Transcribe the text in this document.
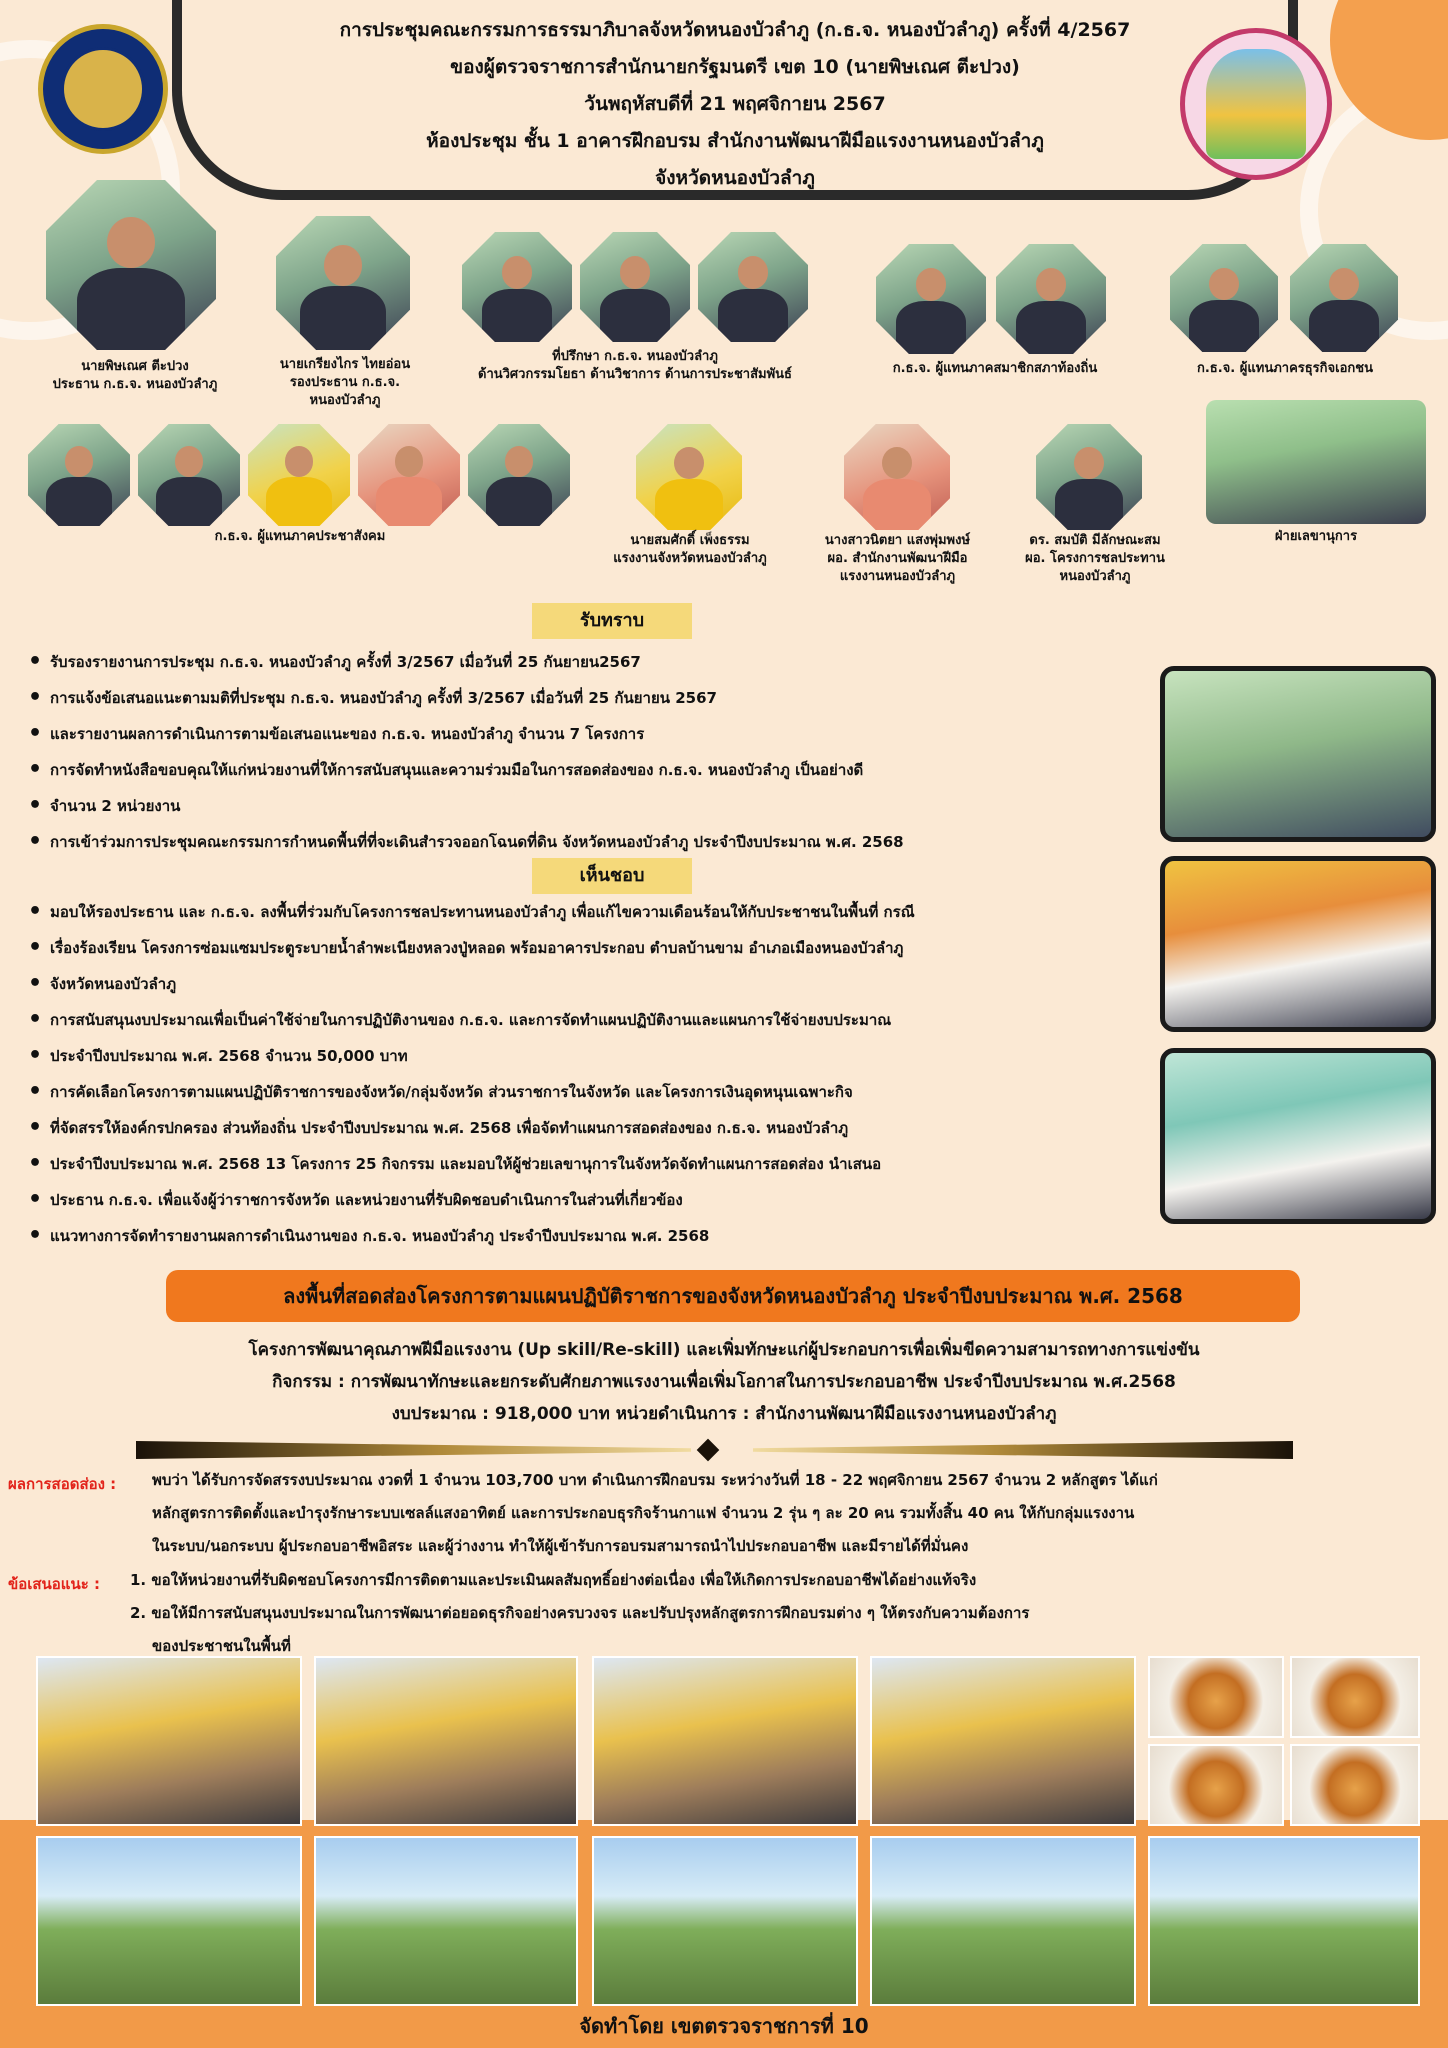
การประชุมคณะกรรมการธรรมาภิบาลจังหวัดหนองบัวลำภู (ก.ธ.จ. หนองบัวลำภู) ครั้งที่ 4/2567
ของผู้ตรวจราชการสำนักนายกรัฐมนตรี เขต 10 (นายพิษเณศ ตีะปวง)
วันพฤหัสบดีที่ 21 พฤศจิกายน 2567
ห้องประชุม ชั้น 1 อาคารฝึกอบรม สำนักงานพัฒนาฝีมือแรงงานหนองบัวลำภู
จังหวัดหนองบัวลำภู
นายพิษเณศ ตีะปวง
ประธาน ก.ธ.จ. หนองบัวลำภู
นายเกรียงไกร ไทยอ่อน
รองประธาน ก.ธ.จ.
หนองบัวลำภู
ที่ปรึกษา ก.ธ.จ. หนองบัวลำภู
ด้านวิศวกรรมโยธา ด้านวิชาการ ด้านการประชาสัมพันธ์	ก.ธ.จ. ผู้แทนภาคสมาชิกสภาท้องถิ่น	ก.ธ.จ. ผู้แทนภาครธุรกิจเอกชน
ก.ธ.จ. ผู้แทนภาคประชาสังคม	นายสมศักดิ์ เพ็งธรรม
แรงงานจังหวัดหนองบัวลำภู
นางสาวนิตยา แสงพุ่มพงษ์
ผอ. สำนักงานพัฒนาฝีมือ
แรงงานหนองบัวลำภู
ดร. สมบัติ มีลักษณะสม
ผอ. โครงการชลประทาน
หนองบัวลำภู
ฝ่ายเลขานุการ
รับทราบ
• รับรองรายงานการประชุม ก.ธ.จ. หนองบัวลำภู ครั้งที่ 3/2567 เมื่อวันที่ 25 กันยายน2567
• การแจ้งข้อเสนอแนะตามมติที่ประชุม ก.ธ.จ. หนองบัวลำภู ครั้งที่ 3/2567 เมื่อวันที่ 25 กันยายน 2567
• และรายงานผลการดำเนินการตามข้อเสนอแนะของ ก.ธ.จ. หนองบัวลำภู จำนวน 7 โครงการ
• การจัดทำหนังสือขอบคุณให้แก่หน่วยงานที่ให้การสนับสนุนและความร่วมมือในการสอดส่องของ ก.ธ.จ. หนองบัวลำภู เป็นอย่างดี
• จำนวน 2 หน่วยงาน
• การเข้าร่วมการประชุมคณะกรรมการกำหนดพื้นที่ที่จะเดินสำรวจออกโฉนดที่ดิน จังหวัดหนองบัวลำภู ประจำปีงบประมาณ พ.ศ. 2568
เห็นชอบ
• มอบให้รองประธาน และ ก.ธ.จ. ลงพื้นที่ร่วมกับโครงการชลประทานหนองบัวลำภู เพื่อแก้ไขความเดือนร้อนให้กับประชาชนในพื้นที่ กรณี
• เรื่องร้องเรียน โครงการซ่อมแซมประตูระบายน้ำลำพะเนียงหลวงปู่หลอด พร้อมอาคารประกอบ ตำบลบ้านขาม อำเภอเมืองหนองบัวลำภู
• จังหวัดหนองบัวลำภู
• การสนับสนุนงบประมาณเพื่อเป็นค่าใช้จ่ายในการปฏิบัติงานของ ก.ธ.จ. และการจัดทำแผนปฏิบัติงานและแผนการใช้จ่ายงบประมาณ
• ประจำปีงบประมาณ พ.ศ. 2568 จำนวน 50,000 บาท
• การคัดเลือกโครงการตามแผนปฏิบัติราชการของจังหวัด/กลุ่มจังหวัด ส่วนราชการในจังหวัด และโครงการเงินอุดหนุนเฉพาะกิจ
• ที่จัดสรรให้องค์กรปกครอง ส่วนท้องถิ่น ประจำปีงบประมาณ พ.ศ. 2568 เพื่อจัดทำแผนการสอดส่องของ ก.ธ.จ. หนองบัวลำภู
• ประจำปีงบประมาณ พ.ศ. 2568 13 โครงการ 25 กิจกรรม และมอบให้ผู้ช่วยเลขานุการในจังหวัดจัดทำแผนการสอดส่อง นำเสนอ
• ประธาน ก.ธ.จ. เพื่อแจ้งผู้ว่าราชการจังหวัด และหน่วยงานที่รับผิดชอบดำเนินการในส่วนที่เกี่ยวข้อง
• แนวทางการจัดทำรายงานผลการดำเนินงานของ ก.ธ.จ. หนองบัวลำภู ประจำปีงบประมาณ พ.ศ. 2568
ลงพื้นที่สอดส่องโครงการตามแผนปฏิบัติราชการของจังหวัดหนองบัวลำภู ประจำปีงบประมาณ พ.ศ. 2568
โครงการพัฒนาคุณภาพฝีมือแรงงาน (Up skill/Re-skill) และเพิ่มทักษะแก่ผู้ประกอบการเพื่อเพิ่มขีดความสามารถทางการแข่งขัน
กิจกรรม : การพัฒนาทักษะและยกระดับศักยภาพแรงงานเพื่อเพิ่มโอกาสในการประกอบอาชีพ ประจำปีงบประมาณ พ.ศ.2568
งบประมาณ : 918,000 บาท หน่วยดำเนินการ : สำนักงานพัฒนาฝีมือแรงงานหนองบัวลำภู
ผลการสอดส่อง : พบว่า ได้รับการจัดสรรงบประมาณ งวดที่ 1 จำนวน 103,700 บาท ดำเนินการฝึกอบรม ระหว่างวันที่ 18 - 22 พฤศจิกายน 2567 จำนวน 2 หลักสูตร ได้แก่
หลักสูตรการติดตั้งและบำรุงรักษาระบบเซลล์แสงอาทิตย์ และการประกอบธุรกิจร้านกาแฟ จำนวน 2 รุ่น ๆ ละ 20 คน รวมทั้งสิ้น 40 คน ให้กับกลุ่มแรงงาน
ในระบบ/นอกระบบ ผู้ประกอบอาชีพอิสระ และผู้ว่างงาน ทำให้ผู้เข้ารับการอบรมสามารถนำไปประกอบอาชีพ และมีรายได้ที่มั่นคง
ข้อเสนอแนะ : 1. ขอให้หน่วยงานที่รับผิดชอบโครงการมีการติดตามและประเมินผลสัมฤทธิ์อย่างต่อเนื่อง เพื่อให้เกิดการประกอบอาชีพได้อย่างแท้จริง
2. ขอให้มีการสนับสนุนงบประมาณในการพัฒนาต่อยอดธุรกิจอย่างครบวงจร และปรับปรุงหลักสูตรการฝึกอบรมต่าง ๆ ให้ตรงกับความต้องการ
ของประชาชนในพื้นที่
จัดทำโดย เขตตรวจราชการที่ 10
